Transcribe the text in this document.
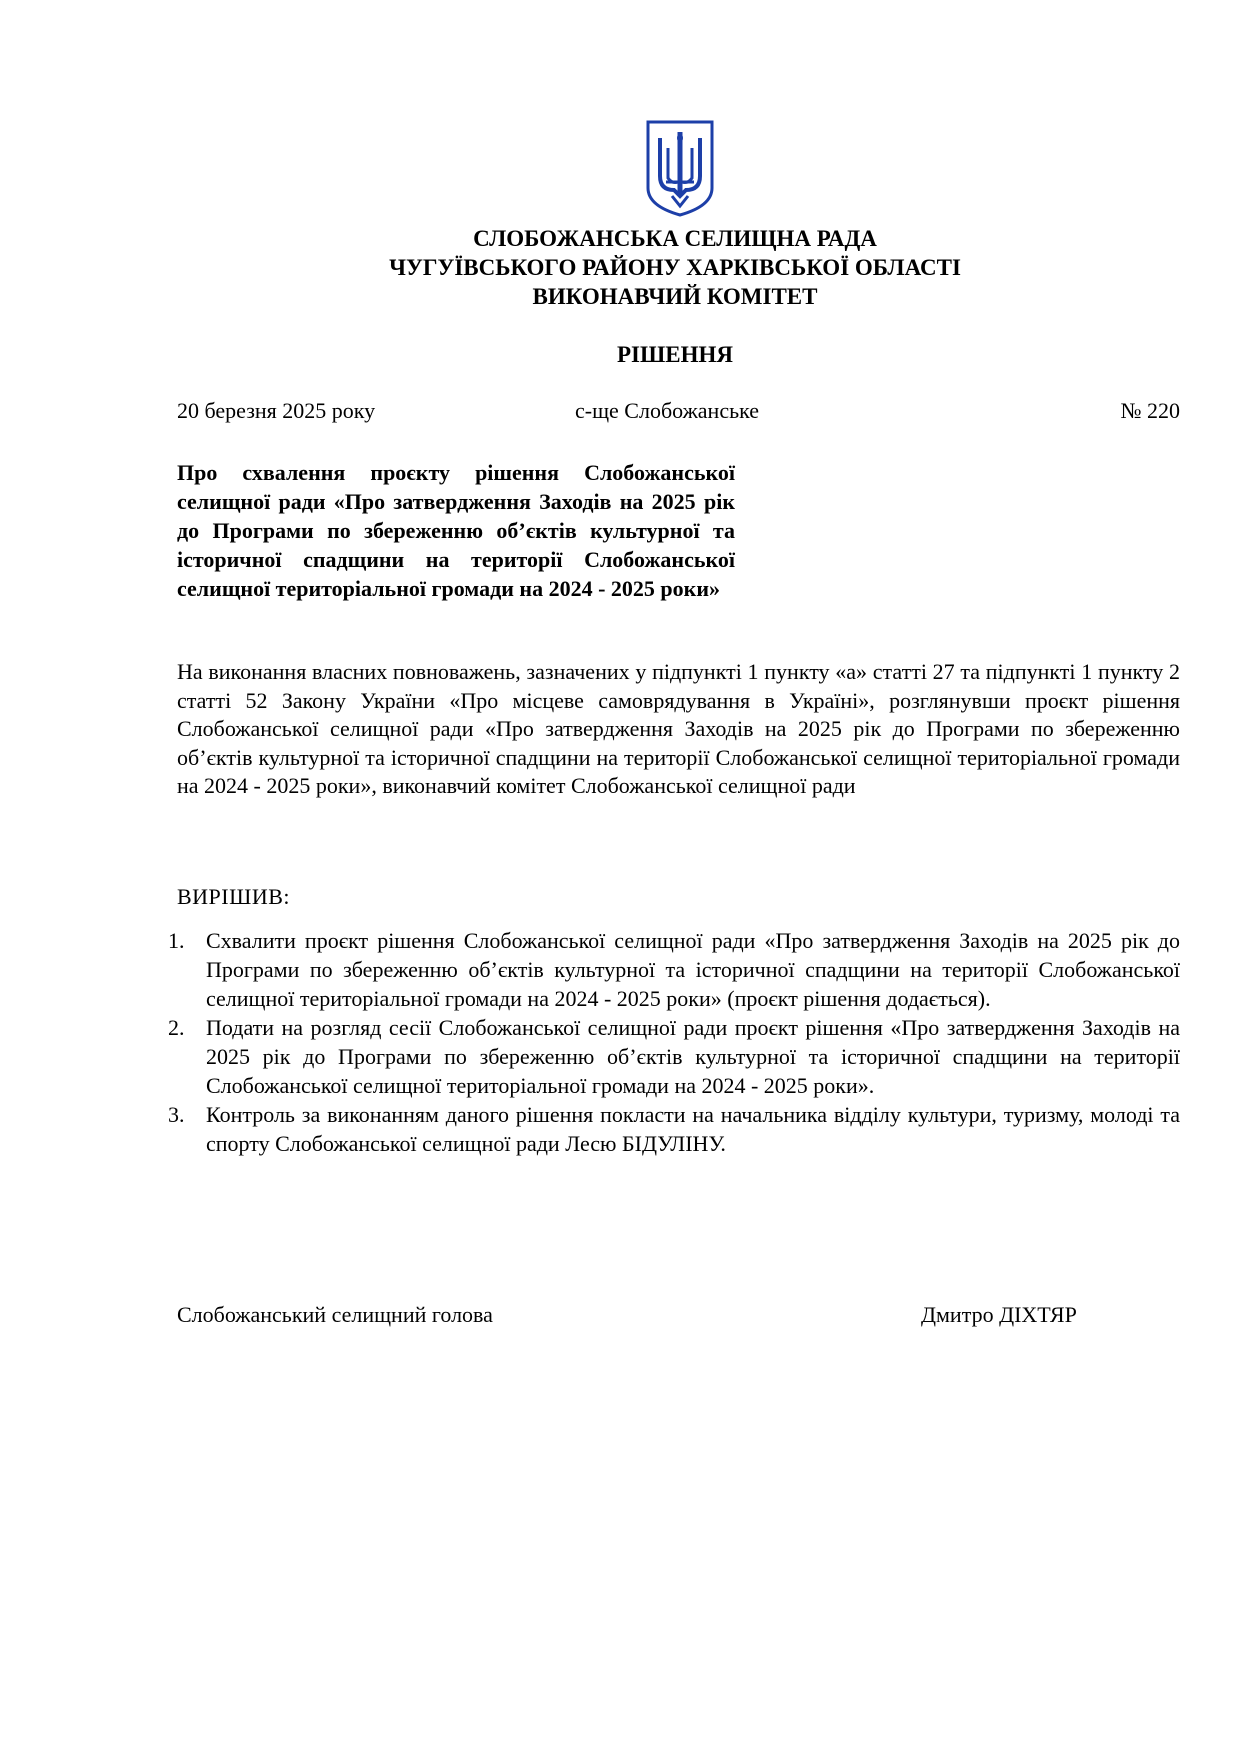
СЛОБОЖАНСЬКА СЕЛИЩНА РАДА
ЧУГУЇВСЬКОГО РАЙОНУ ХАРКІВСЬКОЇ ОБЛАСТІ
ВИКОНАВЧИЙ КОМІТЕТ
РІШЕННЯ
20 березня 2025 року	с-ще Слобожанське	№ 220
Про схвалення проєкту рішення Слобожанської селищної ради «Про затвердження Заходів на 2025 рік до Програми по збереженню об’єктів культурної та історичної спадщини на території Слобожанської селищної територіальної громади на 2024 - 2025 роки»
На виконання власних повноважень, зазначених у підпункті 1 пункту «а» статті 27 та підпункті 1 пункту 2 статті 52 Закону України «Про місцеве самоврядування в Україні», розглянувши проєкт рішення Слобожанської селищної ради «Про затвердження Заходів на 2025 рік до Програми по збереженню об’єктів культурної та історичної спадщини на території Слобожанської селищної територіальної громади на 2024 - 2025 роки», виконавчий комітет Слобожанської селищної ради
ВИРІШИВ:
1. Схвалити проєкт рішення Слобожанської селищної ради «Про затвердження Заходів на 2025 рік до Програми по збереженню об’єктів культурної та історичної спадщини на території Слобожанської селищної територіальної громади на 2024 - 2025 роки» (проєкт рішення додається).
2. Подати на розгляд сесії Слобожанської селищної ради проєкт рішення «Про затвердження Заходів на 2025 рік до Програми по збереженню об’єктів культурної та історичної спадщини на території Слобожанської селищної територіальної громади на 2024 - 2025 роки».
3. Контроль за виконанням даного рішення покласти на начальника відділу культури, туризму, молоді та спорту Слобожанської селищної ради Лесю БІДУЛІНУ.
Слобожанський селищний голова	Дмитро ДІХТЯР
